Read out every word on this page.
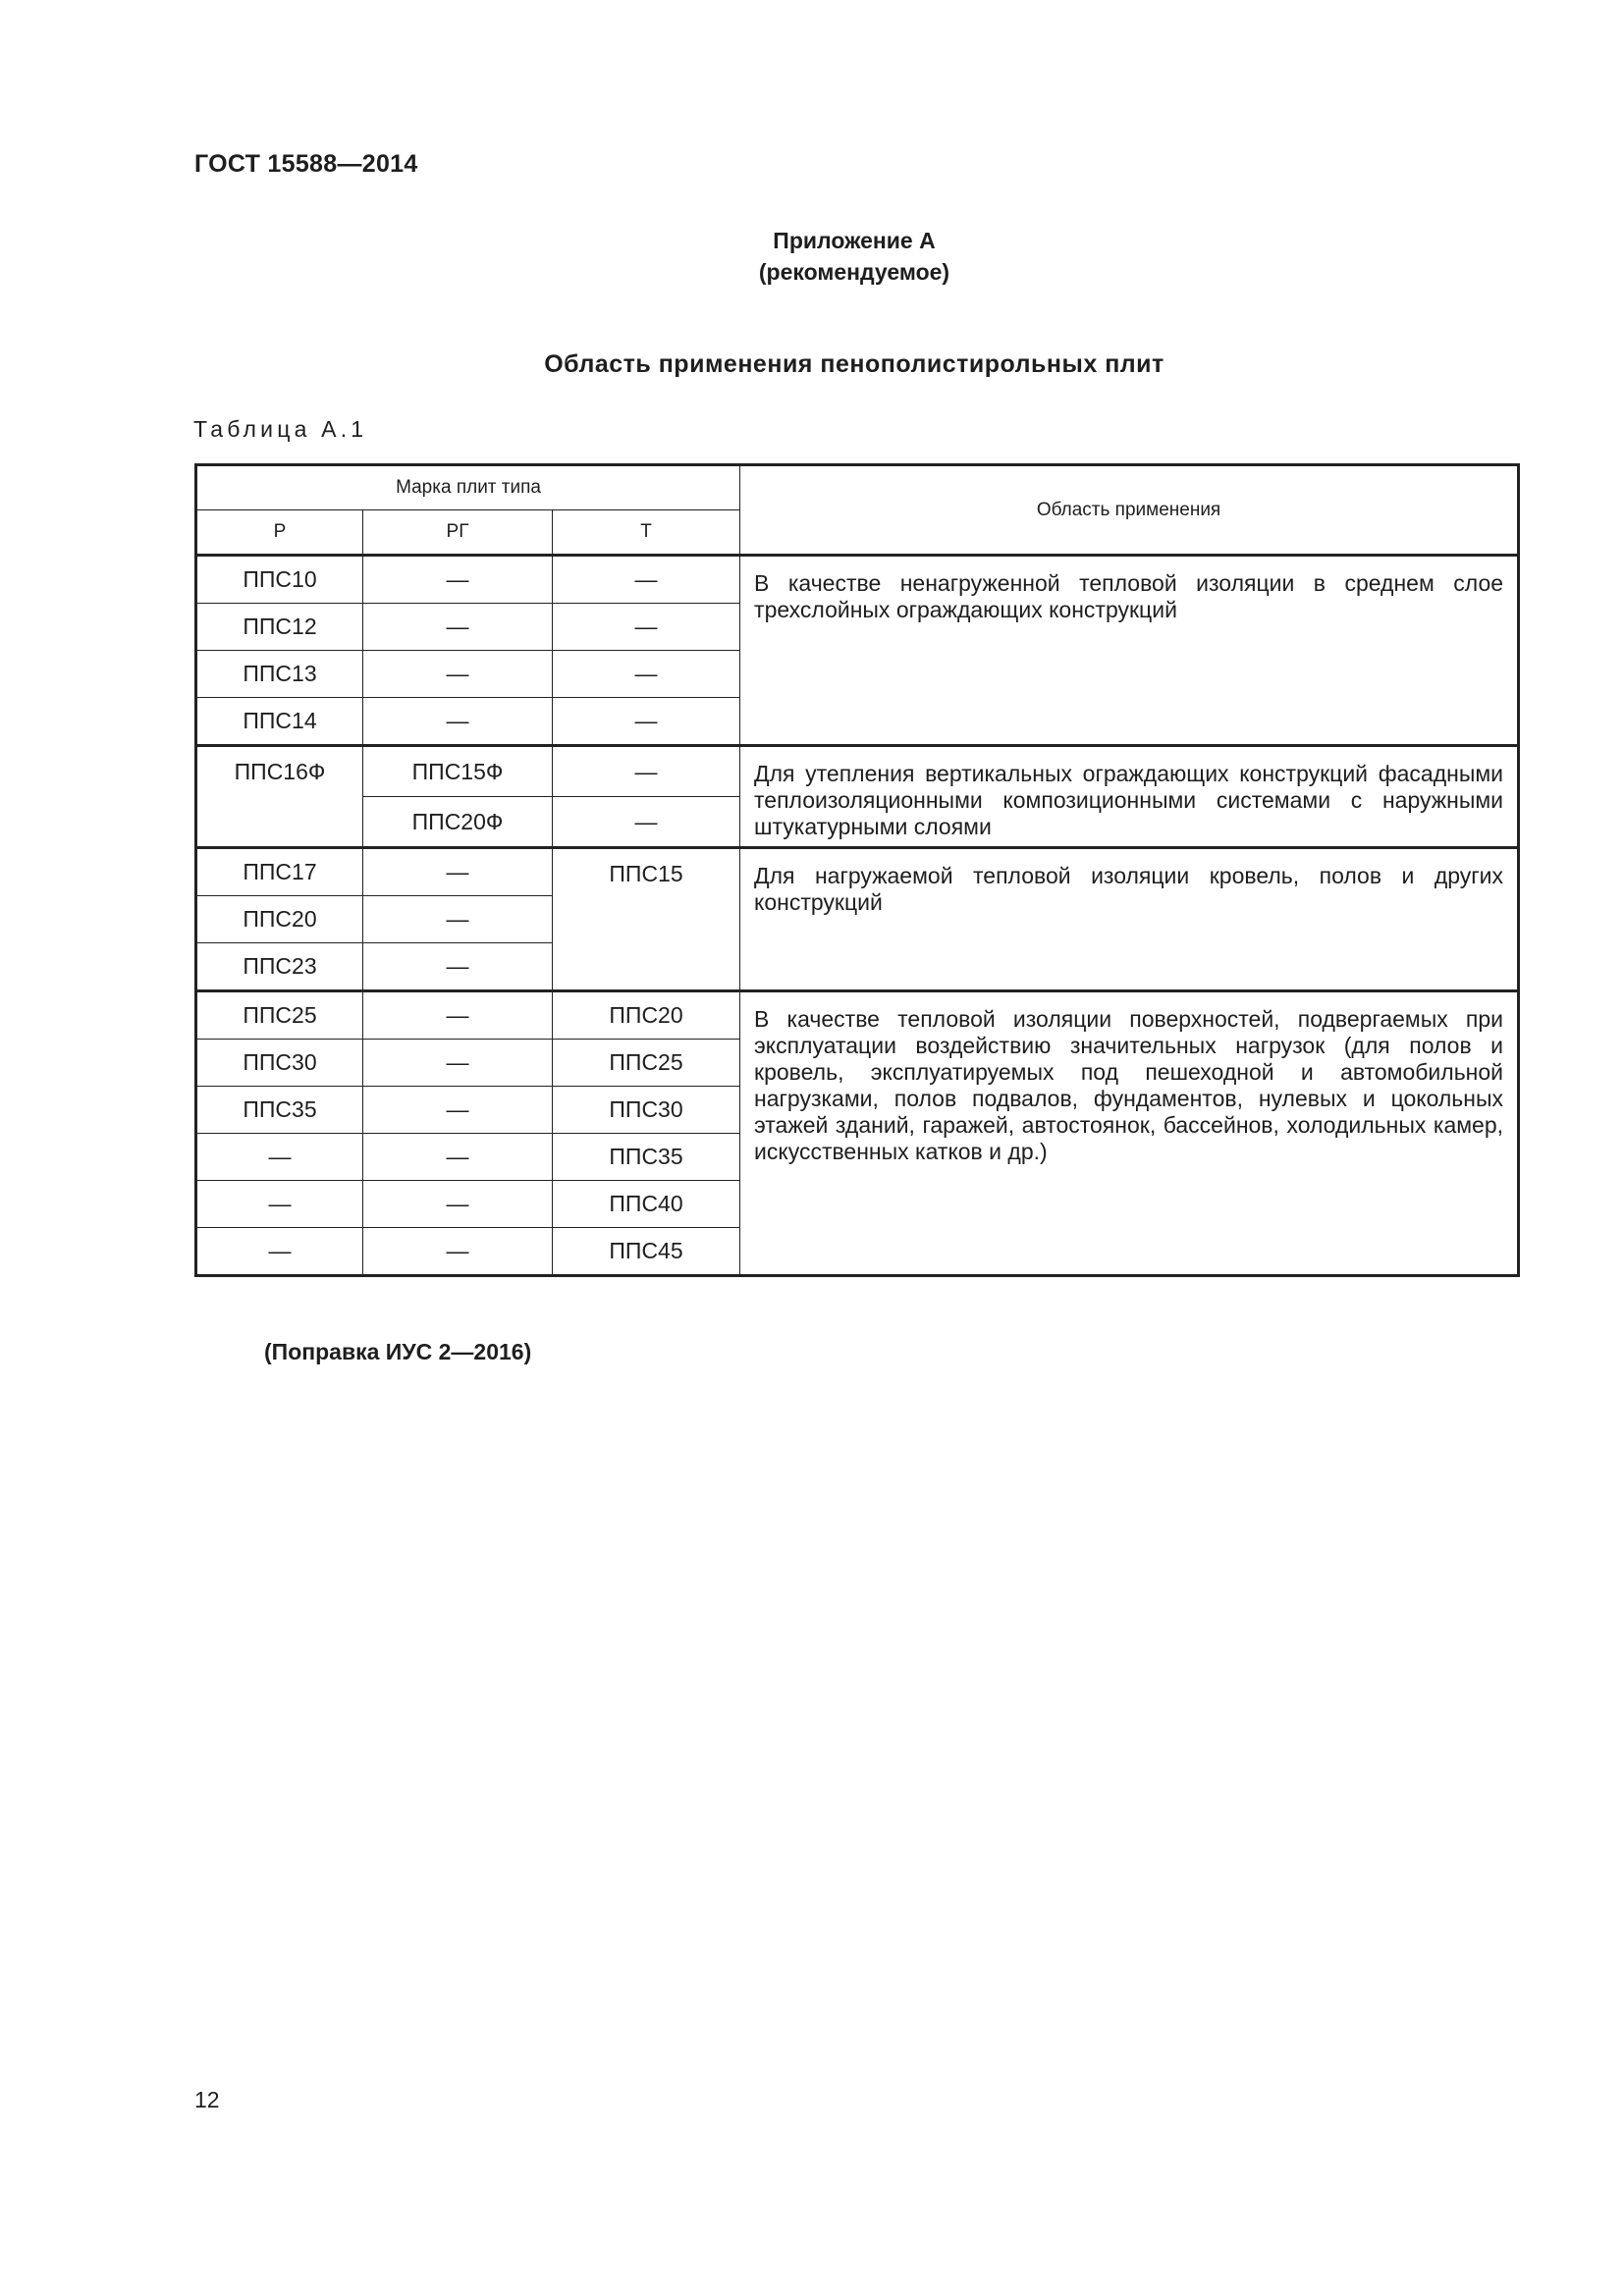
ГОСТ 15588—2014
Приложение А
(рекомендуемое)
Область применения пенополистирольных плит
Таблица А.1
Марка плит типа			Область применения
Р	РГ	Т	
ППС10	—	—	В качестве ненагруженной тепловой изоляции в среднем слое трехслойных ограждающих конструкций
ППС12	—	—	
ППС13	—	—	
ППС14	—	—	
ППС16Ф	ППС15Ф	—	Для утепления вертикальных ограждающих конструкций фасадными теплоизоляционными композиционными системами с наружными штукатурными слоями
	ППС20Ф	—	
ППС17	—	ППС15	Для нагружаемой тепловой изоляции кровель, полов и других конструкций
ППС20	—		
ППС23	—		
ППС25	—	ППС20	В качестве тепловой изоляции поверхностей, подвергаемых при эксплуатации воздействию значительных нагрузок (для полов и кровель, эксплуатируемых под пешеходной и автомобильной нагрузками, полов подвалов, фундаментов, нулевых и цокольных этажей зданий, гаражей, автостоянок, бассейнов, холодильных камер, искусственных катков и др.)
ППС30	—	ППС25	
ППС35	—	ППС30	
—	—	ППС35	
—	—	ППС40	
—	—	ППС45	
(Поправка ИУС 2—2016)
12
